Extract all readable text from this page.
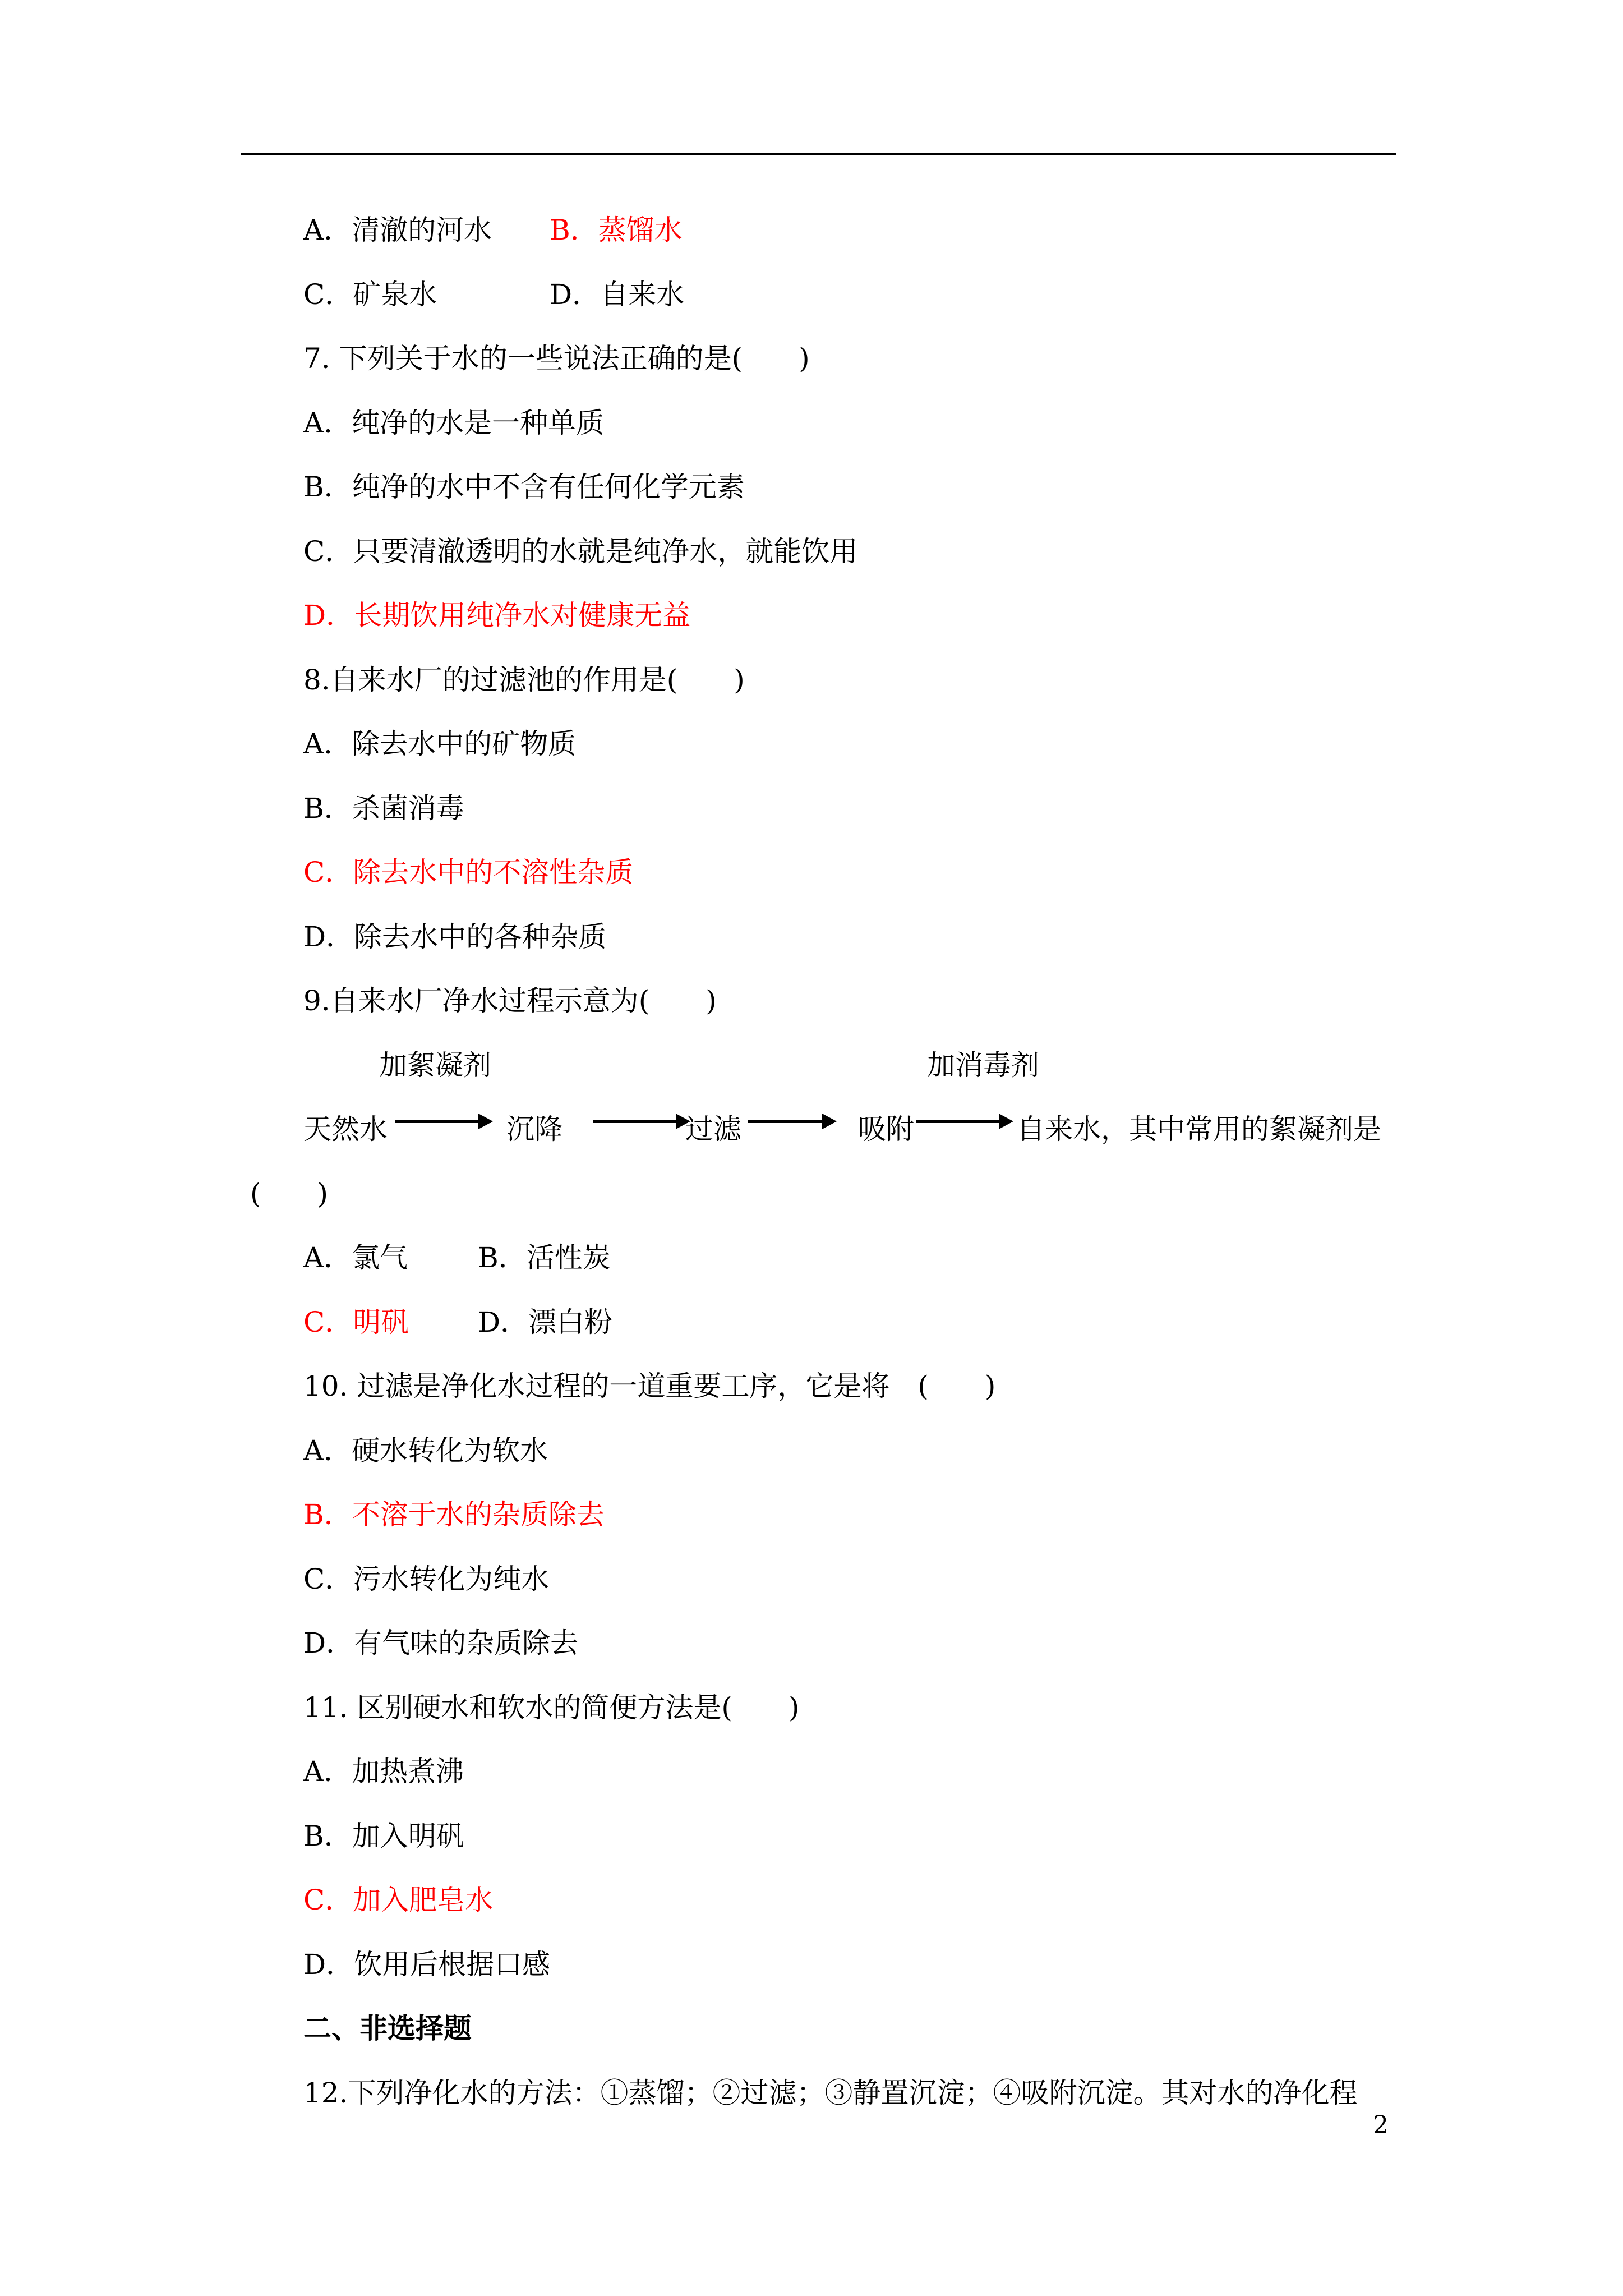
A．清澈的河水 B．蒸馏水
C．矿泉水	D．自来水
7. 下列关于水的一些说法正确的是(　　)
A．纯净的水是一种单质
B．纯净的水中不含有任何化学元素
C．只要清澈透明的水就是纯净水，就能饮用
D．长期饮用纯净水对健康无益
8.自来水厂的过滤池的作用是(　　)
A．除去水中的矿物质
B．杀菌消毒
C．除去水中的不溶性杂质
D．除去水中的各种杂质
9.自来水厂净水过程示意为(　　)
加絮凝剂	加消毒剂
天然水	沉降	过滤	吸附	自来水，其中常用的絮凝剂是
(　　)
A．氯气 B．活性炭
C．明矾 D．漂白粉
10. 过滤是净化水过程的一道重要工序，它是将　(　　)
A．硬水转化为软水
B．不溶于水的杂质除去
C．污水转化为纯水
D．有气味的杂质除去
11. 区别硬水和软水的简便方法是(　　)
A．加热煮沸
B．加入明矾
C．加入肥皂水
D．饮用后根据口感
二、非选择题
12.下列净化水的方法：①蒸馏；②过滤；③静置沉淀；④吸附沉淀。其对水的净化程
2
